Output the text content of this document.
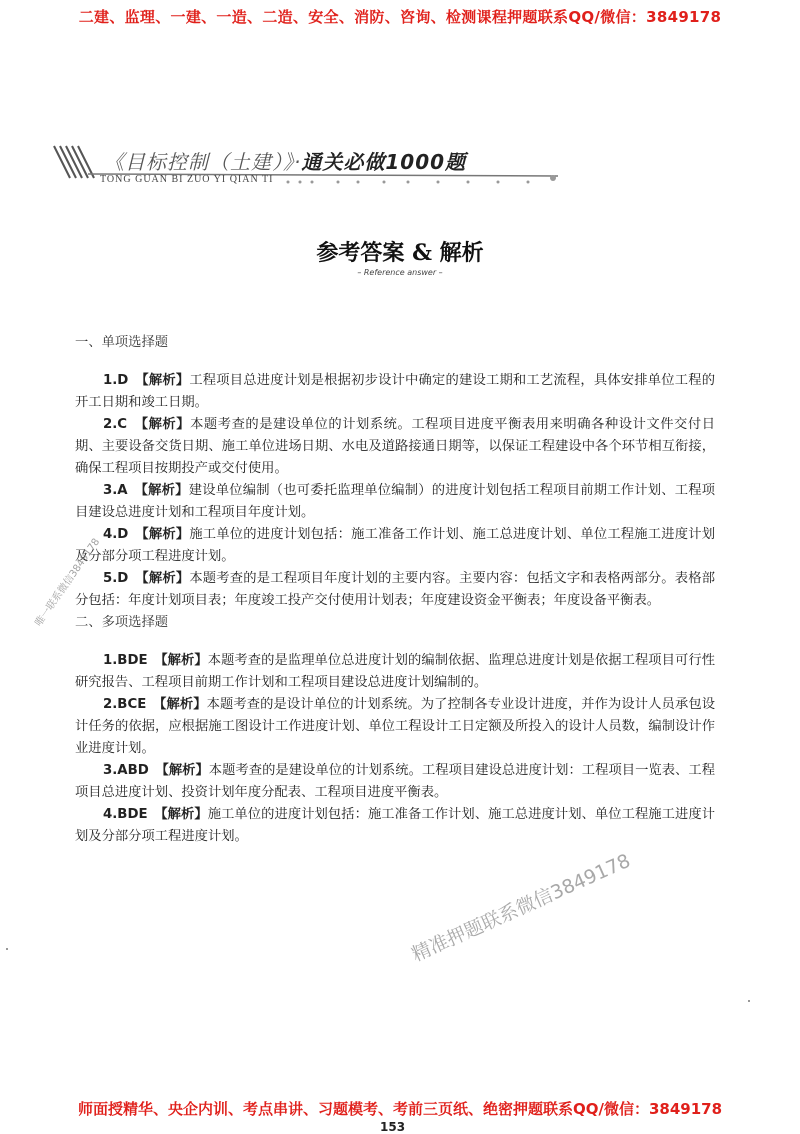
二建、监理、一建、一造、二造、安全、消防、咨询、检测课程押题联系QQ/微信：3849178
《目标控制（土建）》·通关必做1000题
TONG GUAN BI ZUO YI QIAN TI
参考答案 & 解析
– Reference answer –
一、单项选择题

1.D　 【解析】工程项目总进度计划是根据初步设计中确定的建设工期和工艺流程，具体安排单位工程的开工日期和竣工日期。

2.C　 【解析】本题考查的是建设单位的计划系统。工程项目进度平衡表用来明确各种设计文件交付日期、主要设备交货日期、施工单位进场日期、水电及道路接通日期等，以保证工程建设中各个环节相互衔接，确保工程项目按期投产或交付使用。

3.A　 【解析】建设单位编制（也可委托监理单位编制）的进度计划包括工程项目前期工作计划、工程项目建设总进度计划和工程项目年度计划。

4.D　 【解析】施工单位的进度计划包括：施工准备工作计划、施工总进度计划、单位工程施工进度计划及分部分项工程进度计划。

5.D　 【解析】本题考查的是工程项目年度计划的主要内容。主要内容：包括文字和表格两部分。表格部分包括：年度计划项目表；年度竣工投产交付使用计划表；年度建设资金平衡表；年度设备平衡表。

二、多项选择题

1.BDE　 【解析】本题考查的是监理单位总进度计划的编制依据、监理总进度计划是依据工程项目可行性研究报告、工程项目前期工作计划和工程项目建设总进度计划编制的。

2.BCE　 【解析】本题考查的是设计单位的计划系统。为了控制各专业设计进度，并作为设计人员承包设计任务的依据，应根据施工图设计工作进度计划、单位工程设计工日定额及所投入的设计人员数，编制设计作业进度计划。

3.ABD　 【解析】本题考查的是建设单位的计划系统。工程项目建设总进度计划：工程项目一览表、工程项目总进度计划、投资计划年度分配表、工程项目进度平衡表。

4.BDE　 【解析】施工单位的进度计划包括：施工准备工作计划、施工总进度计划、单位工程施工进度计划及分部分项工程进度计划。

唯一联系微信3849178
精准押题联系微信3849178
师面授精华、央企内训、考点串讲、习题模考、考前三页纸、绝密押题联系QQ/微信：3849178
153
